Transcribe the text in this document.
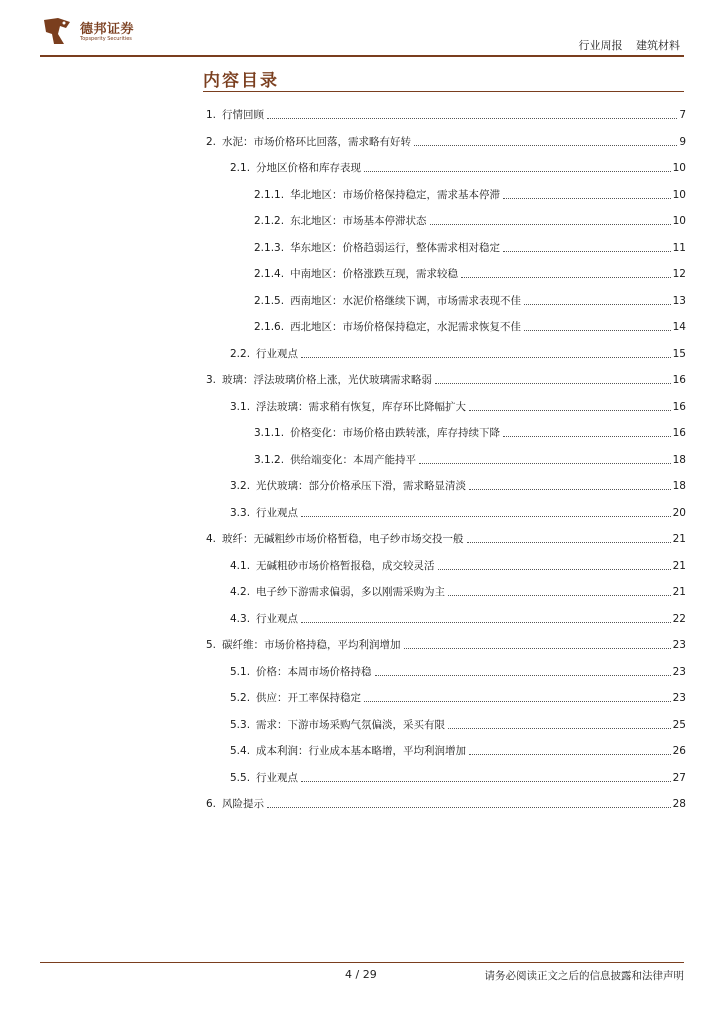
德邦证券
Topsperity Securities	行业周报 建筑材料
内容目录
1. 行情回顾	7
2. 水泥：市场价格环比回落，需求略有好转	9
2.1. 分地区价格和库存表现	10
2.1.1. 华北地区：市场价格保持稳定，需求基本停滞	10
2.1.2. 东北地区：市场基本停滞状态	10
2.1.3. 华东地区：价格趋弱运行，整体需求相对稳定	11
2.1.4. 中南地区：价格涨跌互现，需求较稳	12
2.1.5. 西南地区：水泥价格继续下调，市场需求表现不佳	13
2.1.6. 西北地区：市场价格保持稳定，水泥需求恢复不佳	14
2.2. 行业观点	15
3. 玻璃：浮法玻璃价格上涨，光伏玻璃需求略弱	16
3.1. 浮法玻璃：需求稍有恢复，库存环比降幅扩大	16
3.1.1. 价格变化：市场价格由跌转涨，库存持续下降	16
3.1.2. 供给端变化：本周产能持平	18
3.2. 光伏玻璃：部分价格承压下滑，需求略显清淡	18
3.3. 行业观点	20
4. 玻纤：无碱粗纱市场价格暂稳，电子纱市场交投一般	21
4.1. 无碱粗砂市场价格暂报稳，成交较灵活	21
4.2. 电子纱下游需求偏弱，多以刚需采购为主	21
4.3. 行业观点	22
5. 碳纤维：市场价格持稳，平均利润增加	23
5.1. 价格：本周市场价格持稳	23
5.2. 供应：开工率保持稳定	23
5.3. 需求：下游市场采购气氛偏淡，采买有限	25
5.4. 成本利润：行业成本基本略增，平均利润增加	26
5.5. 行业观点	27
6. 风险提示	28
4 / 29	请务必阅读正文之后的信息披露和法律声明
